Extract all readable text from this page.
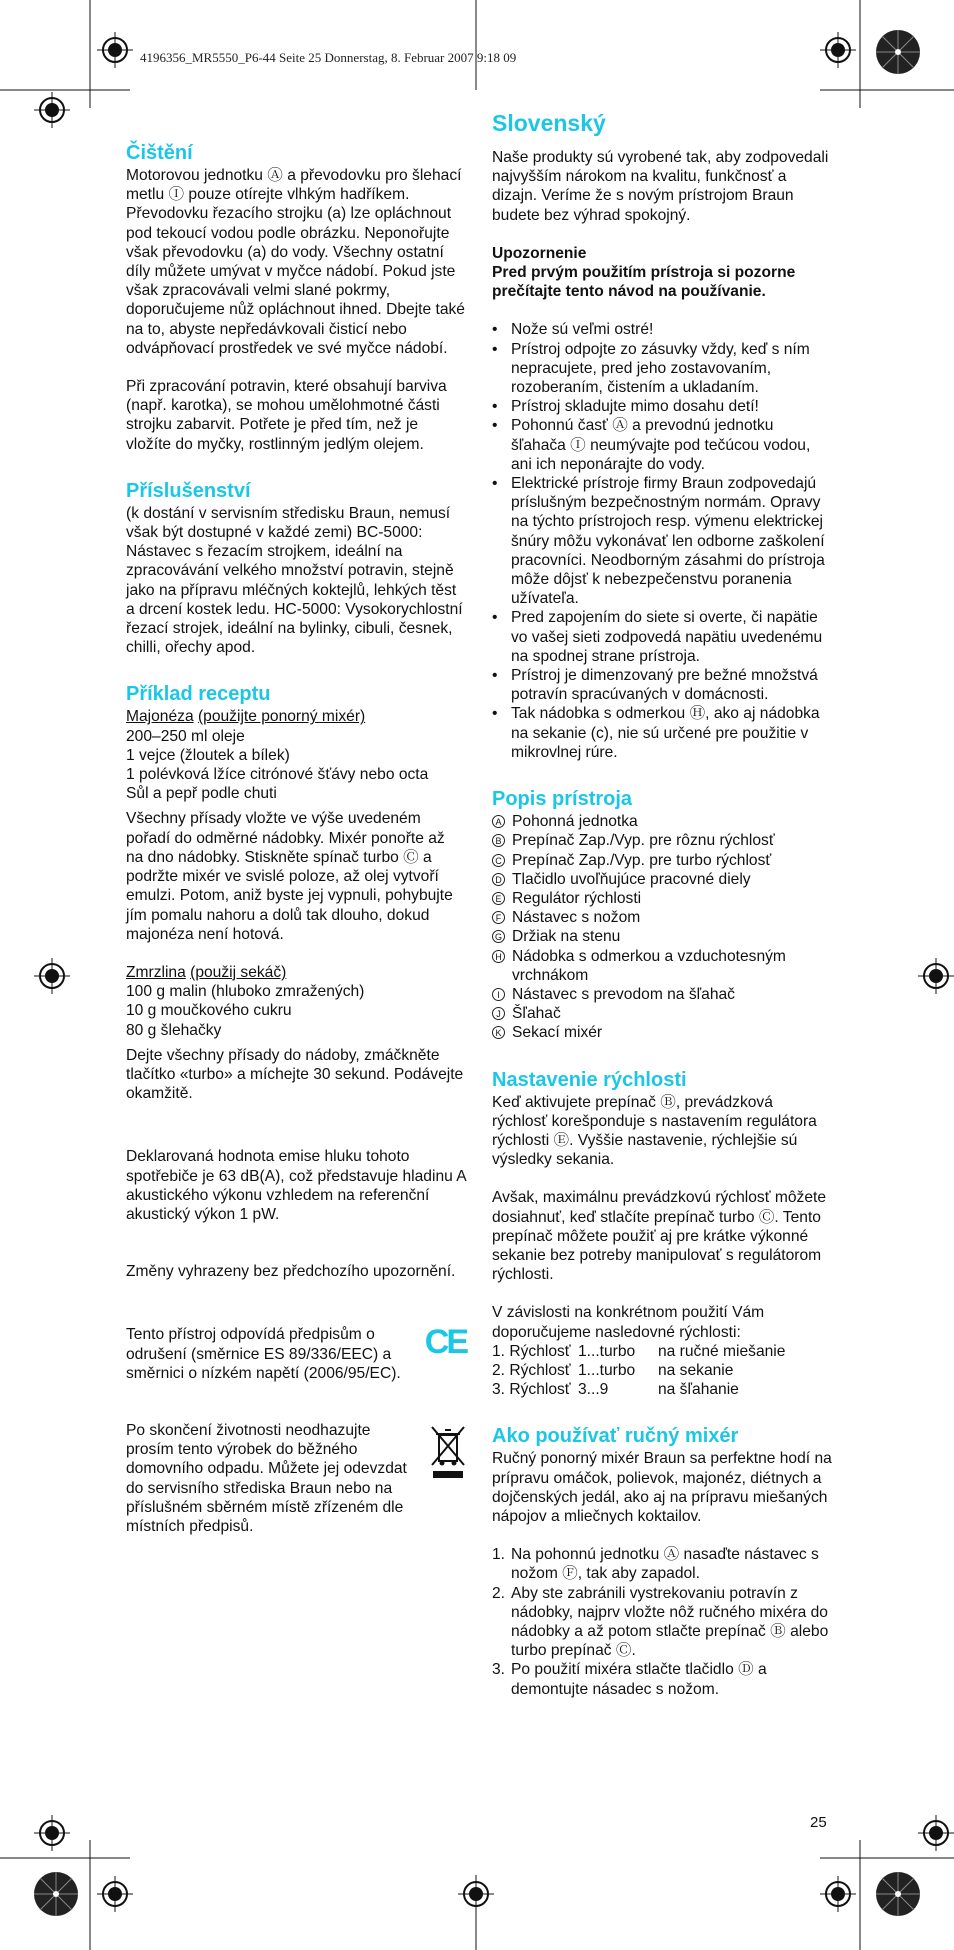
4196356_MR5550_P6-44 Seite 25 Donnerstag, 8. Februar 2007 9:18 09
Čištění

Motorovou jednotku Ⓐ a převodovku pro šlehací metlu Ⓘ pouze otírejte vlhkým hadříkem. Převodovku řezacího strojku (a) lze opláchnout pod tekoucí vodou podle obrázku. Neponořujte však převodovku (a) do vody. Všechny ostatní díly můžete umývat v myčce nádobí. Pokud jste však zpracovávali velmi slané pokrmy, doporučujeme nůž opláchnout ihned. Dbejte také na to, abyste nepředávkovali čisticí nebo odvápňovací prostředek ve své myčce nádobí.

Při zpracování potravin, které obsahují barviva (např. karotka), se mohou umělohmotné části strojku zabarvit. Potřete je před tím, než je vložíte do myčky, rostlinným jedlým olejem.

Příslušenství

(k dostání v servisním středisku Braun, nemusí však být dostupné v každé zemi) BC-5000: Nástavec s řezacím strojkem, ideální na zpracovávání velkého množství potravin, stejně jako na přípravu mléčných koktejlů, lehkých těst a drcení kostek ledu. HC-5000: Vysokorychlostní řezací strojek, ideální na bylinky, cibuli, česnek, chilli, ořechy apod.

Příklad receptu

Majonéza (použijte ponorný mixér)

200–250 ml oleje
1 vejce (žloutek a bílek)
1 polévková lžíce citrónové šťávy nebo octa
Sůl a pepř podle chuti

Všechny přísady vložte ve výše uvedeném pořadí do odměrné nádobky. Mixér ponořte až na dno nádobky. Stiskněte spínač turbo Ⓒ a podržte mixér ve svislé poloze, až olej vytvoří emulzi. Potom, aniž byste jej vypnuli, pohybujte jím pomalu nahoru a dolů tak dlouho, dokud majonéza není hotová.

Zmrzlina (použij sekáč)

100 g malin (hluboko zmražených)
10 g moučkového cukru
80 g šlehačky

Dejte všechny přísady do nádoby, zmáčkněte tlačítko «turbo» a míchejte 30 sekund. Podávejte okamžitě.

Deklarovaná hodnota emise hluku tohoto spotřebiče je 63 dB(A), což představuje hladinu A akustického výkonu vzhledem na referenční akustický výkon 1 pW.

Změny vyhrazeny bez předchozího upozornění.

Tento přístroj odpovídá předpisům o odrušení (směrnice ES 89/336/EEC) a směrnici o nízkém napětí (2006/95/EC).

CE

Po skončení životnosti neodhazujte prosím tento výrobek do běžného domovního odpadu. Můžete jej odevzdat do servisního střediska Braun nebo na příslušném sběrném místě zřízeném dle místních předpisů.

Slovenský

Naše produkty sú vyrobené tak, aby zodpovedali najvyšším nárokom na kvalitu, funkčnosť a dizajn. Veríme že s novým prístrojom Braun budete bez výhrad spokojný.

Upozornenie

Pred prvým použitím prístroja si pozorne prečítajte tento návod na používanie.

• Nože sú veľmi ostré!
• Prístroj odpojte zo zásuvky vždy, keď s ním nepracujete, pred jeho zostavovaním, rozoberaním, čistením a ukladaním.
• Prístroj skladujte mimo dosahu detí!
• Pohonnú časť Ⓐ a prevodnú jednotku šľahača Ⓘ neumývajte pod tečúcou vodou, ani ich neponárajte do vody.
• Elektrické prístroje firmy Braun zodpovedajú príslušným bezpečnostným normám. Opravy na týchto prístrojoch resp. výmenu elektrickej šnúry môžu vykonávať len odborne zaškolení pracovníci. Neodborným zásahmi do prístroja môže dôjsť k nebezpečenstvu poranenia užívateľa.
• Pred zapojením do siete si overte, či napätie vo vašej sieti zodpovedá napätiu uvedenému na spodnej strane prístroja.
• Prístroj je dimenzovaný pre bežné množstvá potravín spracúvaných v domácnosti.
• Tak nádobka s odmerkou Ⓗ, ako aj nádobka na sekanie (c), nie sú určené pre použitie v mikrovlnej rúre.
Popis prístroja
A Pohonná jednotka
B Prepínač Zap./Vyp. pre rôznu rýchlosť
C Prepínač Zap./Vyp. pre turbo rýchlosť
D Tlačidlo uvoľňujúce pracovné diely
E Regulátor rýchlosti
F Nástavec s nožom
G Držiak na stenu
H Nádobka s odmerkou a vzduchotesným vrchnákom
I Nástavec s prevodom na šľahač
J Šľahač
K Sekací mixér
Nastavenie rýchlosti

Keď aktivujete prepínač Ⓑ, prevádzková rýchlosť korešponduje s nastavením regulátora rýchlosti Ⓔ. Vyššie nastavenie, rýchlejšie sú výsledky sekania.

Avšak, maximálnu prevádzkovú rýchlosť môžete dosiahnuť, keď stlačíte prepínač turbo Ⓒ. Tento prepínač môžete použiť aj pre krátke výkonné sekanie bez potreby manipulovať s regulátorom rýchlosti.

V závislosti na konkrétnom použití Vám doporučujeme nasledovné rýchlosti:

1. Rýchlosť	1...turbo	na ručné miešanie
2. Rýchlosť	1...turbo	na sekanie
3. Rýchlosť	3...9	na šľahanie
Ako používať ručný mixér

Ručný ponorný mixér Braun sa perfektne hodí na prípravu omáčok, polievok, majonéz, diétnych a dojčenských jedál, ako aj na prípravu miešaných nápojov a mliečnych koktailov.

1. Na pohonnú jednotku Ⓐ nasaďte nástavec s nožom Ⓕ, tak aby zapadol.
2. Aby ste zabránili vystrekovaniu potravín z nádobky, najprv vložte nôž ručného mixéra do nádobky a až potom stlačte prepínač Ⓑ alebo turbo prepínač Ⓒ.
3. Po použití mixéra stlačte tlačidlo Ⓓ a demontujte násadec s nožom.
25
